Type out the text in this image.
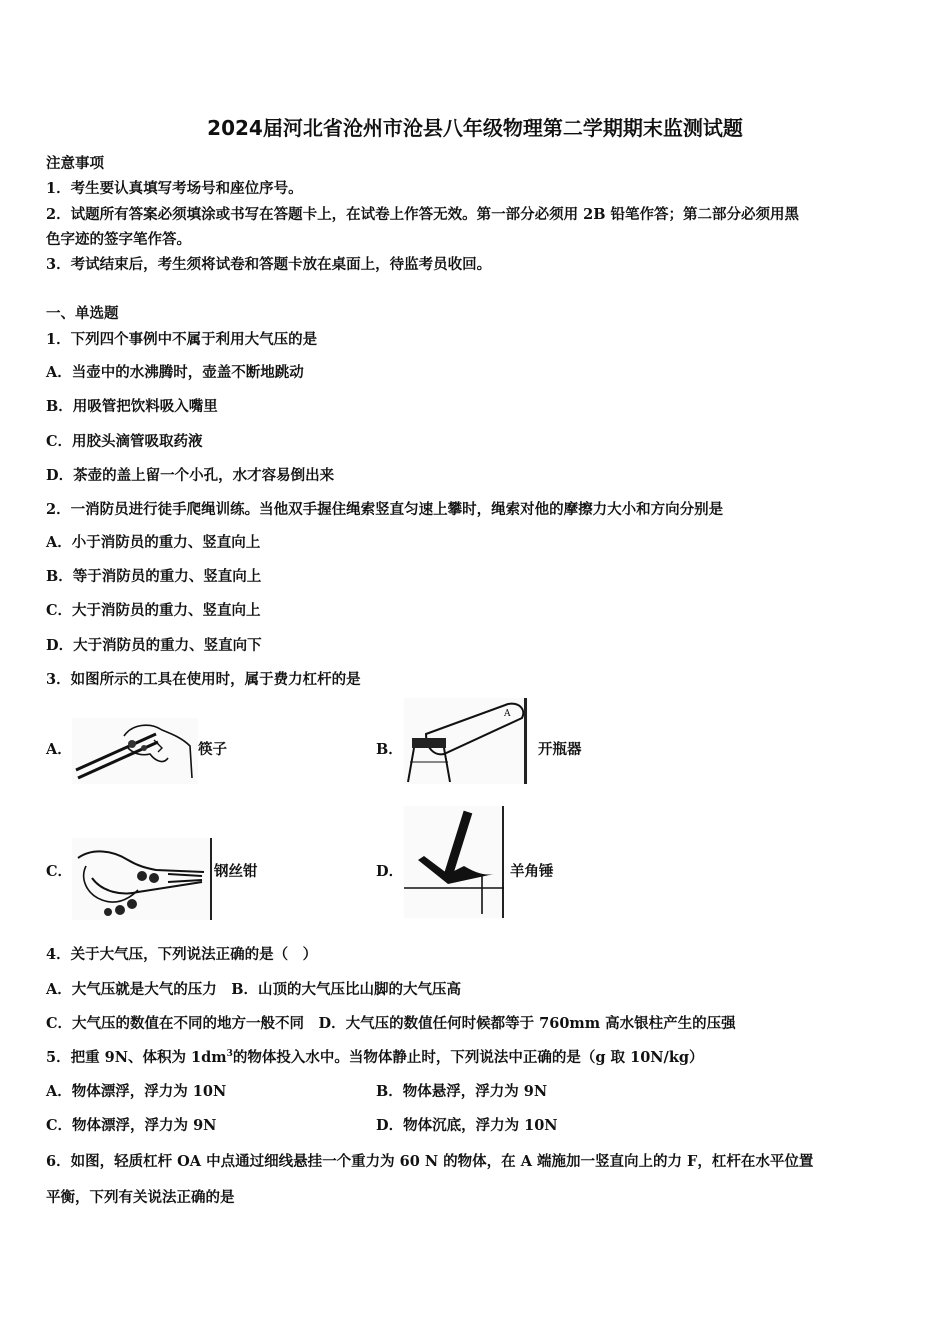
2024届河北省沧州市沧县八年级物理第二学期期末监测试题
注意事项
1．考生要认真填写考场号和座位序号。
2．试题所有答案必须填涂或书写在答题卡上，在试卷上作答无效。第一部分必须用 2B 铅笔作答；第二部分必须用黑
色字迹的签字笔作答。
3．考试结束后，考生须将试卷和答题卡放在桌面上，待监考员收回。
一、单选题
1．下列四个事例中不属于利用大气压的是
A．当壶中的水沸腾时，壶盖不断地跳动
B．用吸管把饮料吸入嘴里
C．用胶头滴管吸取药液
D．茶壶的盖上留一个小孔，水才容易倒出来
2．一消防员进行徒手爬绳训练。当他双手握住绳索竖直匀速上攀时，绳索对他的摩擦力大小和方向分别是
A．小于消防员的重力、竖直向上
B．等于消防员的重力、竖直向上
C．大于消防员的重力、竖直向上
D．大于消防员的重力、竖直向下
3．如图所示的工具在使用时，属于费力杠杆的是
A．	筷子	B．
A
开瓶器
C．	钢丝钳	D．	羊角锤
4．关于大气压，下列说法正确的是（　）
A．大气压就是大气的压力　B．山顶的大气压比山脚的大气压高
C．大气压的数值在不同的地方一般不同　D．大气压的数值任何时候都等于 760mm 高水银柱产生的压强
5．把重 9N、体积为 $1dm^3$的物体投入水中。当物体静止时，下列说法中正确的是（g 取 10N/kg）
A．物体漂浮，浮力为 10N	B．物体悬浮，浮力为 9N
C．物体漂浮，浮力为 9N	D．物体沉底，浮力为 10N
6．如图，轻质杠杆 OA 中点通过细线悬挂一个重力为 60 N 的物体，在 A 端施加一竖直向上的力 F，杠杆在水平位置
平衡，下列有关说法正确的是
